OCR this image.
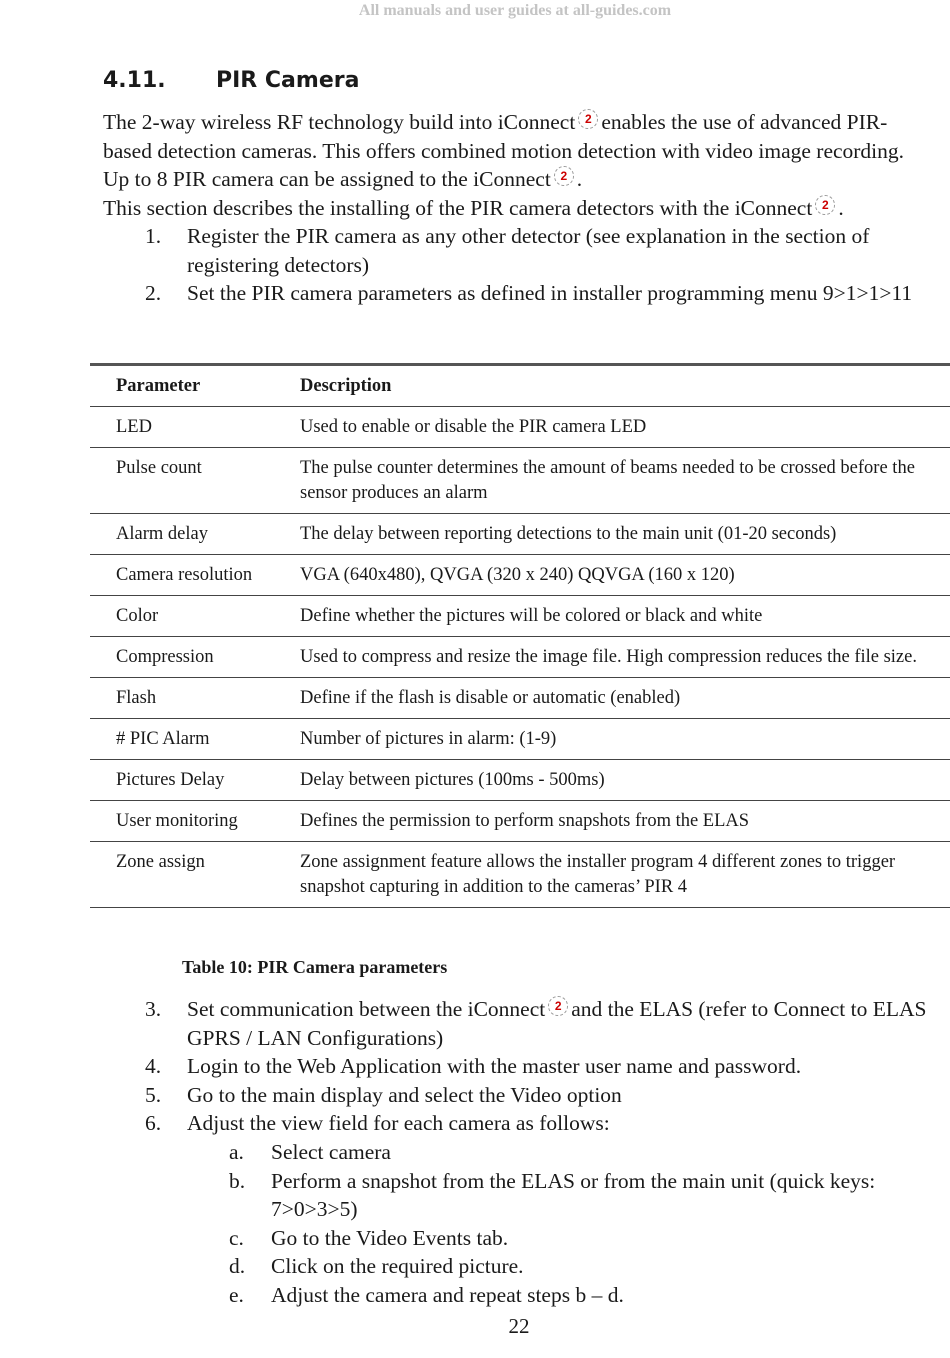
All manuals and user guides at all-guides.com
4.11. PIR Camera
The 2-way wireless RF technology build into iConnect 2 enables the use of advanced PIR-based detection cameras. This offers combined motion detection with video image recording. Up to 8 PIR camera can be assigned to the iConnect 2 .
This section describes the installing of the PIR camera detectors with the iConnect 2 .
1.	Register the PIR camera as any other detector (see explanation in the section of registering detectors)
2.	Set the PIR camera parameters as defined in installer programming menu 9>1>1>11
Parameter	Description
LED	Used to enable or disable the PIR camera LED
Pulse count	The pulse counter determines the amount of beams needed to be crossed before the sensor produces an alarm
Alarm delay	The delay between reporting detections to the main unit (01-20 seconds)
Camera resolution	VGA (640x480), QVGA (320 x 240) QQVGA (160 x 120)
Color	Define whether the pictures will be colored or black and white
Compression	Used to compress and resize the image file. High compression reduces the file size.
Flash	Define if the flash is disable or automatic (enabled)
# PIC Alarm	Number of pictures in alarm: (1-9)
Pictures Delay	Delay between pictures (100ms - 500ms)
User monitoring	Defines the permission to perform snapshots from the ELAS
Zone assign	Zone assignment feature allows the installer program 4 different zones to trigger snapshot capturing in addition to the cameras’ PIR 4
Table 10: PIR Camera parameters
3.	Set communication between the iConnect 2 and the ELAS (refer to Connect to ELAS GPRS / LAN Configurations)
4.	Login to the Web Application with the master user name and password.
5.	Go to the main display and select the Video option
6.	Adjust the view field for each camera as follows:
a.	Select camera
b.	Perform a snapshot from the ELAS or from the main unit (quick keys: 7>0>3>5)
c.	Go to the Video Events tab.
d.	Click on the required picture.
e.	Adjust the camera and repeat steps b – d.
22
